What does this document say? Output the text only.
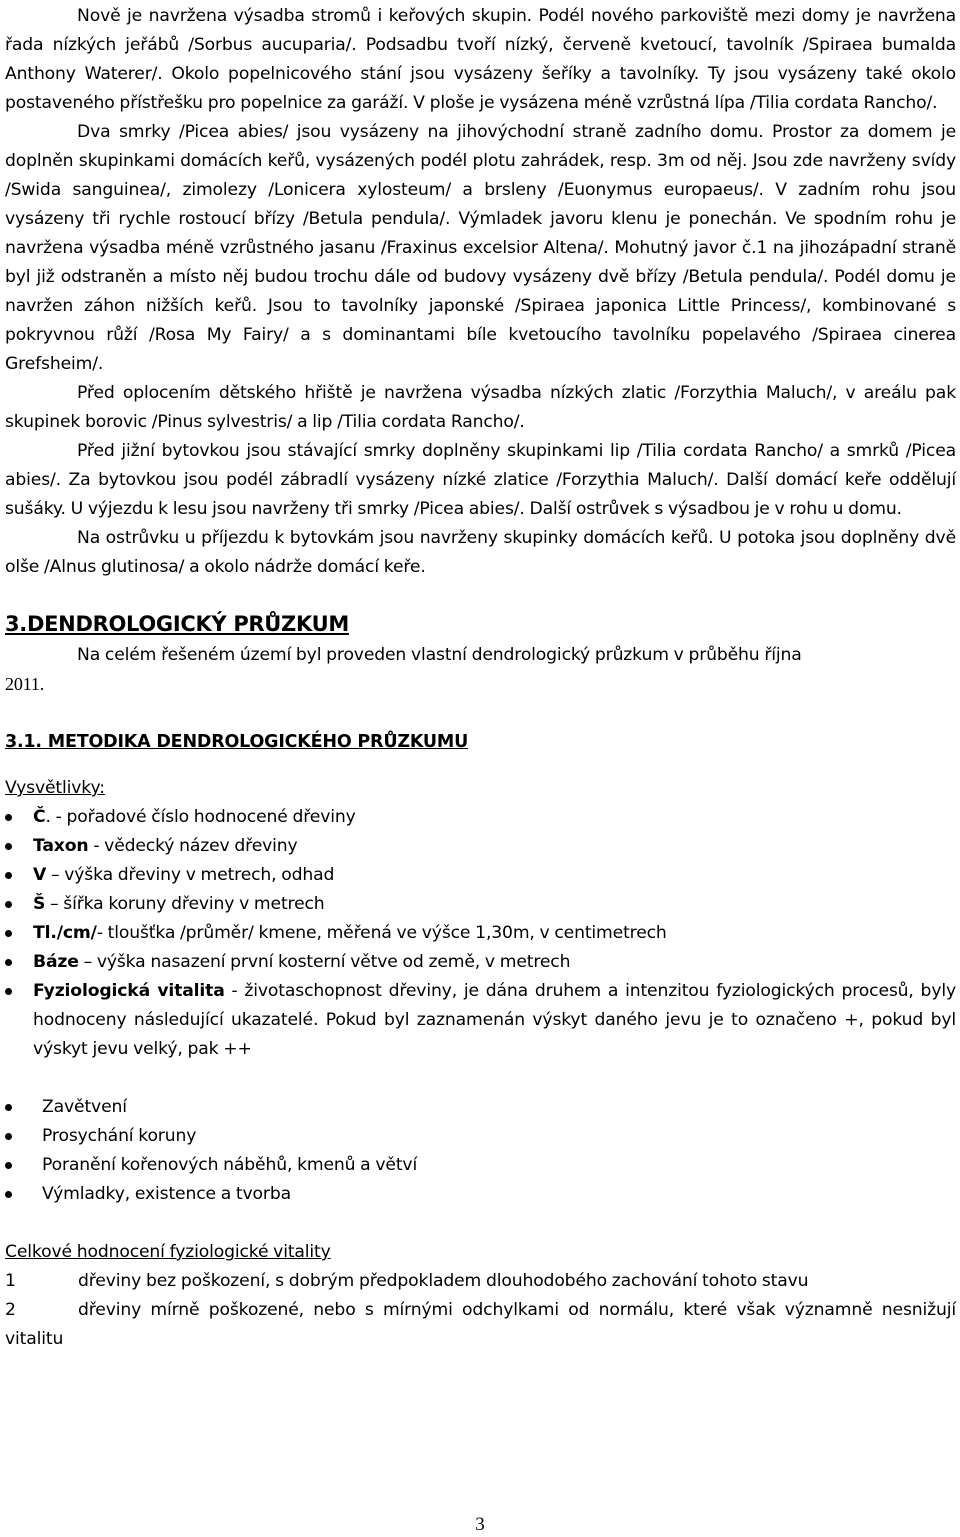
Nově je navržena výsadba stromů i keřových skupin. Podél nového parkoviště mezi domy je navržena řada nízkých jeřábů /Sorbus aucuparia/. Podsadbu tvoří nízký, červeně kvetoucí, tavolník /Spiraea bumalda Anthony Waterer/. Okolo popelnicového stání jsou vysázeny šeříky a tavolníky. Ty jsou vysázeny také okolo postaveného přístřešku pro popelnice za garáží. V ploše je vysázena méně vzrůstná lípa /Tilia cordata Rancho/.

Dva smrky /Picea abies/ jsou vysázeny na jihovýchodní straně zadního domu. Prostor za domem je doplněn skupinkami domácích keřů, vysázených podél plotu zahrádek, resp. 3m od něj. Jsou zde navrženy svídy /Swida sanguinea/, zimolezy /Lonicera xylosteum/ a brsleny /Euonymus europaeus/. V zadním rohu jsou vysázeny tři rychle rostoucí břízy /Betula pendula/. Výmladek javoru klenu je ponechán. Ve spodním rohu je navržena výsadba méně vzrůstného jasanu /Fraxinus excelsior Altena/. Mohutný javor č.1 na jihozápadní straně byl již odstraněn a místo něj budou trochu dále od budovy vysázeny dvě břízy /Betula pendula/. Podél domu je navržen záhon nižších keřů. Jsou to tavolníky japonské /Spiraea japonica Little Princess/, kombinované s pokryvnou růží /Rosa My Fairy/ a s dominantami bíle kvetoucího tavolníku popelavého /Spiraea cinerea Grefsheim/.

Před oplocením dětského hřiště je navržena výsadba nízkých zlatic /Forzythia Maluch/, v areálu pak skupinek borovic /Pinus sylvestris/ a lip /Tilia cordata Rancho/.

Před jižní bytovkou jsou stávající smrky doplněny skupinkami lip /Tilia cordata Rancho/ a smrků /Picea abies/. Za bytovkou jsou podél zábradlí vysázeny nízké zlatice /Forzythia Maluch/. Další domácí keře oddělují sušáky. U výjezdu k lesu jsou navrženy tři smrky /Picea abies/. Další ostrůvek s výsadbou je v rohu u domu.

Na ostrůvku u příjezdu k bytovkám jsou navrženy skupinky domácích keřů. U potoka jsou doplněny dvě olše /Alnus glutinosa/ a okolo nádrže domácí keře.

3.DENDROLOGICKÝ PRŮZKUM

Na celém řešeném území byl proveden vlastní dendrologický průzkum v průběhu října
2011.

3.1. METODIKA DENDROLOGICKÉHO PRŮZKUMU

Vysvětlivky:

Č. - pořadové číslo hodnocené dřeviny
Taxon - vědecký název dřeviny
V – výška dřeviny v metrech, odhad
Š – šířka koruny dřeviny v metrech
Tl./cm/- tloušťka /průměr/ kmene, měřená ve výšce 1,30m, v centimetrech
Báze – výška nasazení první kosterní větve od země, v metrech
Fyziologická vitalita - životaschopnost dřeviny, je dána druhem a intenzitou fyziologických procesů, byly hodnoceny následující ukazatelé. Pokud byl zaznamenán výskyt daného jevu je to označeno +, pokud byl výskyt jevu velký, pak ++
Zavětvení
Prosychání koruny
Poranění kořenových náběhů, kmenů a větví
Výmladky, existence a tvorba

Celkové hodnocení fyziologické vitality

1	dřeviny bez poškození, s dobrým předpokladem dlouhodobého zachování tohoto stavu
2	dřeviny mírně poškozené, nebo s mírnými odchylkami od normálu, které však významně nesnižují vitalitu
3
